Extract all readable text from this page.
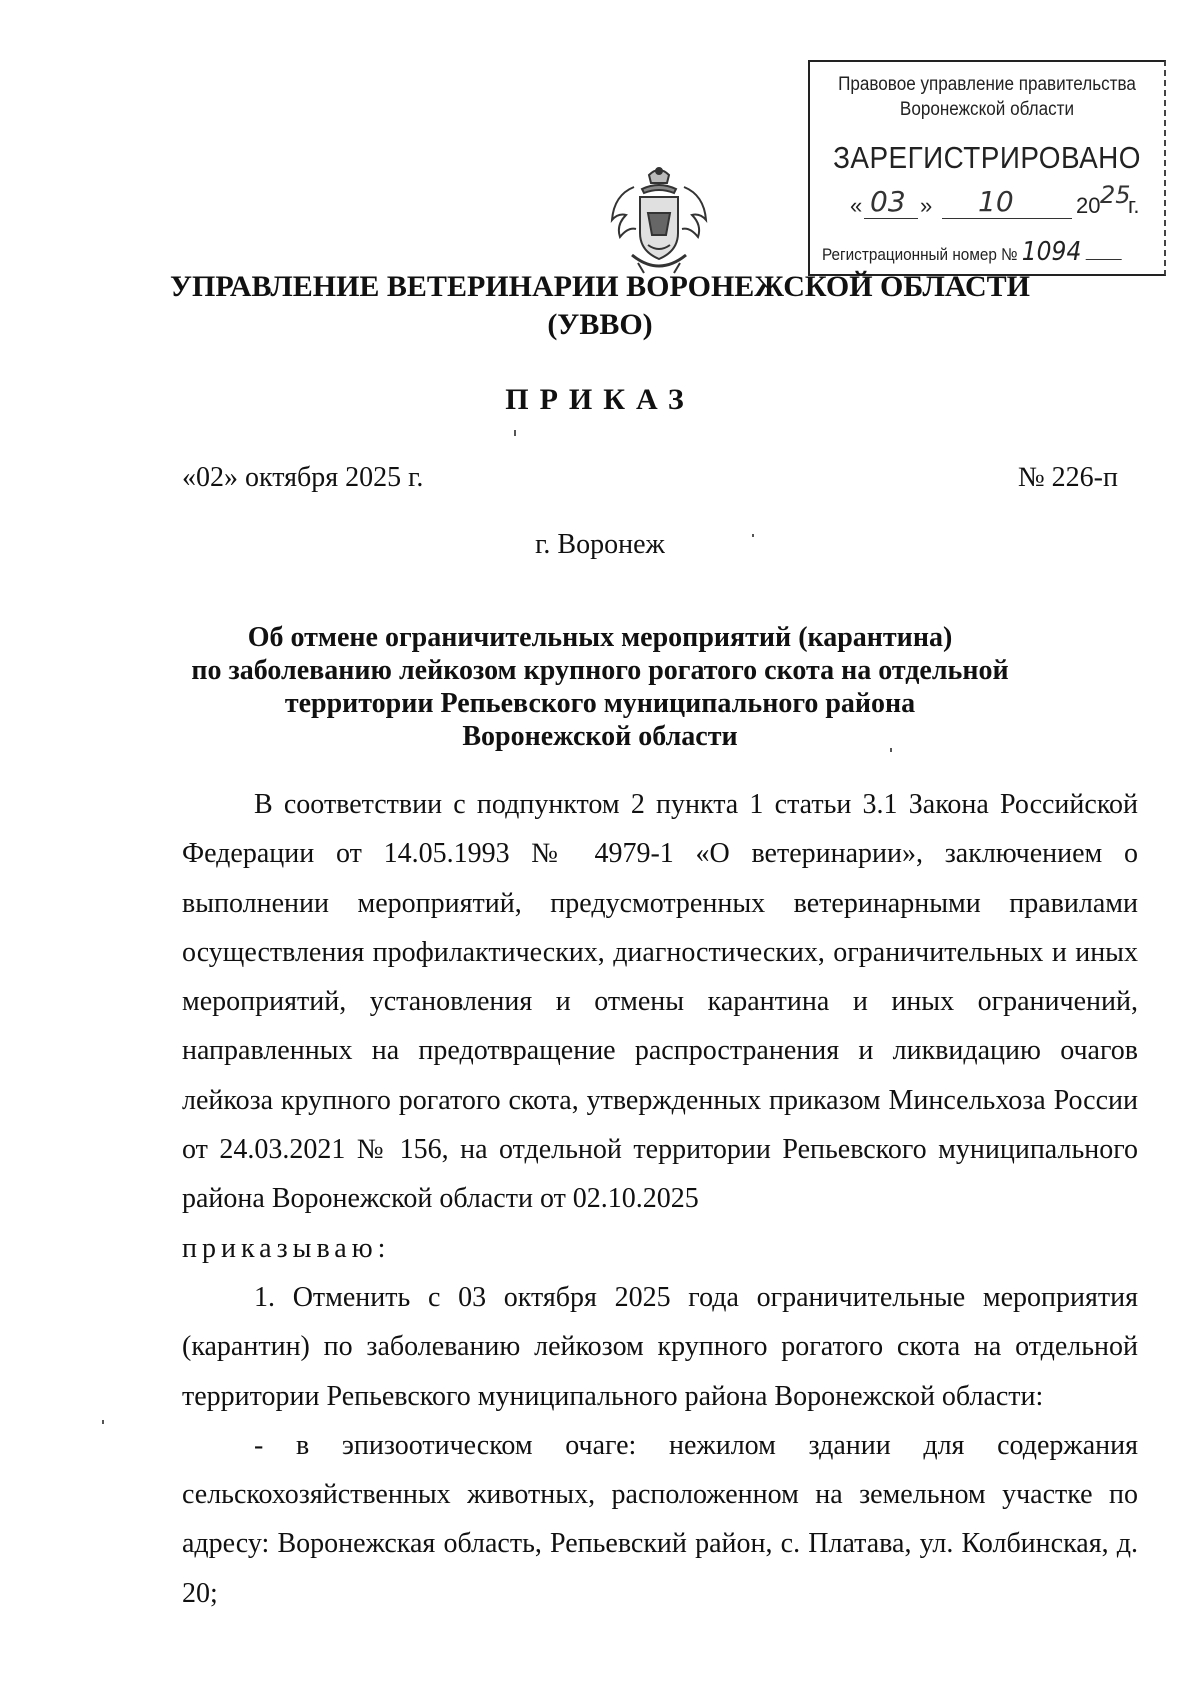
Правовое управление правительства Воронежской области
ЗАРЕГИСТРИРОВАНО
« 03 » 10	20 25
г.
Регистрационный номер № 1094
УПРАВЛЕНИЕ ВЕТЕРИНАРИИ ВОРОНЕЖСКОЙ ОБЛАСТИ
(УВВО)
ПРИКАЗ
«02» октября 2025 г.	№ 226-п
г. Воронеж
Об отмене ограничительных мероприятий (карантина)
по заболеванию лейкозом крупного рогатого скота на отдельной
территории Репьевского муниципального района
Воронежской области

В соответствии с подпунктом 2 пункта 1 статьи 3.1 Закона Российской Федерации от 14.05.1993 № 4979-1 «О ветеринарии», заключением о выполнении мероприятий, предусмотренных ветеринарными правилами осуществления профилактических, диагностических, ограничительных и иных мероприятий, установления и отмены карантина и иных ограничений, направленных на предотвращение распространения и ликвидацию очагов лейкоза крупного рогатого скота, утвержденных приказом Минсельхоза России от 24.03.2021 № 156, на отдельной территории Репьевского муниципального района Воронежской области от 02.10.2025

приказываю:

1. Отменить с 03 октября 2025 года ограничительные мероприятия (карантин) по заболеванию лейкозом крупного рогатого скота на отдельной территории Репьевского муниципального района Воронежской области:

- в эпизоотическом очаге: нежилом здании для содержания сельскохозяйственных животных, расположенном на земельном участке по адресу: Воронежская область, Репьевский район, с. Платава, ул. Колбинская, д. 20;
